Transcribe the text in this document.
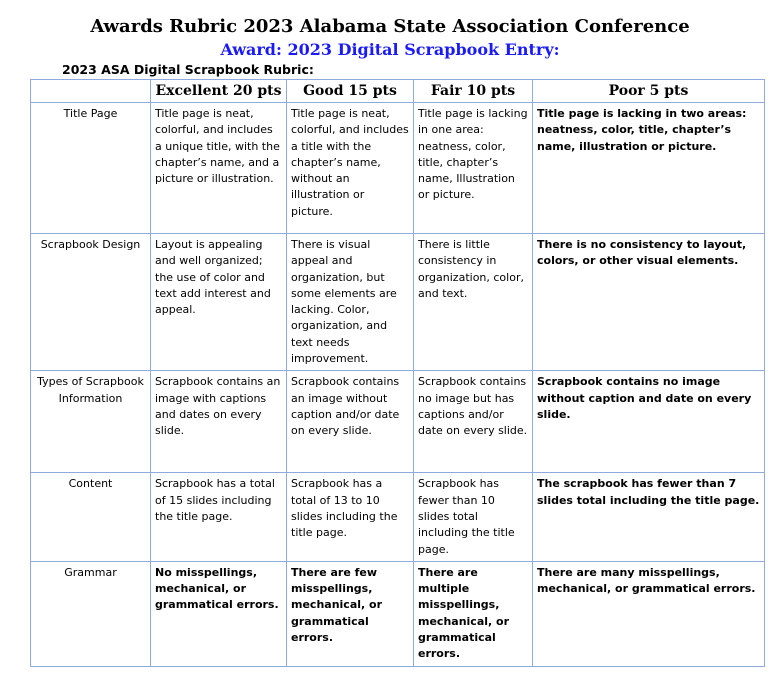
Awards Rubric 2023 Alabama State Association Conference
Award: 2023 Digital Scrapbook Entry:
2023 ASA Digital Scrapbook Rubric:
	Excellent 20 pts	Good 15 pts	Fair 10 pts	Poor 5 pts
Title Page	Title page is neat, colorful, and includes a unique title, with the chapter’s name, and a picture or illustration.	Title page is neat, colorful, and includes a title with the chapter’s name, without an illustration or picture.	Title page is lacking in one area: neatness, color, title, chapter’s name, Illustration or picture.	Title page is lacking in two areas: neatness, color, title, chapter’s name, illustration or picture.
Scrapbook Design	Layout is appealing and well organized; the use of color and text add interest and appeal.	There is visual appeal and organization, but some elements are lacking. Color, organization, and text needs improvement.	There is little consistency in organization, color, and text.	There is no consistency to layout, colors, or other visual elements.
Types of Scrapbook Information	Scrapbook contains an image with captions and dates on every slide.	Scrapbook contains an image without caption and/or date on every slide.	Scrapbook contains no image but has captions and/or date on every slide.	Scrapbook contains no image without caption and date on every slide.
Content	Scrapbook has a total of 15 slides including the title page.	Scrapbook has a total of 13 to 10 slides including the title page.	Scrapbook has fewer than 10 slides total including the title page.	The scrapbook has fewer than 7 slides total including the title page.
Grammar	No misspellings, mechanical, or grammatical errors.	There are few misspellings, mechanical, or grammatical errors.	There are multiple misspellings, mechanical, or grammatical errors.	There are many misspellings, mechanical, or grammatical errors.
